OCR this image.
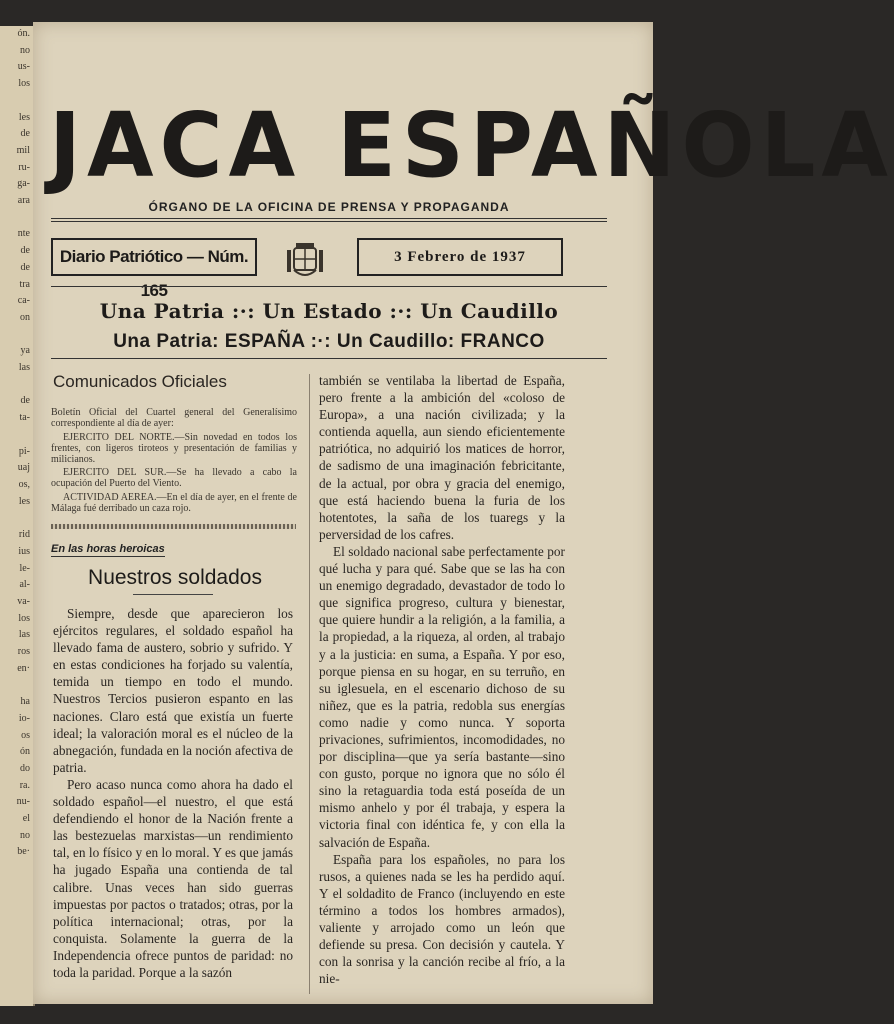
ón.
no
us-
los

les
de
mil
ru-
ga-
ara

nte
de
de
tra
ca-
on

ya
las

de
ta-

pi-
uaj
os,
les

rid
ius
le-
al-
va-
los
las
ros
en·

ha
io-
os
ón
do
ra.
nu-
el
no
be·
JACA ESPAÑOLA
ÓRGANO DE LA OFICINA DE PRENSA Y PROPAGANDA
Diario Patriótico — Núm. 165
3 Febrero de 1937
Una Patria :·: Un Estado :·: Un Caudillo
Una Patria: ESPAÑA :·: Un Caudillo: FRANCO
Comunicados Oficiales

Boletín Oficial del Cuartel general del Generalísimo correspondiente al día de ayer:

EJERCITO DEL NORTE.—Sin novedad en todos los frentes, con ligeros tiroteos y presentación de familias y milicianos.

EJERCITO DEL SUR.—Se ha llevado a cabo la ocupación del Puerto del Viento.

ACTIVIDAD AEREA.—En el día de ayer, en el frente de Málaga fué derribado un caza rojo.

En las horas heroicas
Nuestros soldados

Siempre, desde que aparecieron los ejércitos regulares, el soldado español ha llevado fama de austero, sobrio y sufrido. Y en estas condiciones ha forjado su valentía, temida un tiempo en todo el mundo. Nuestros Tercios pusieron espanto en las naciones. Claro está que existía un fuerte ideal; la valoración moral es el núcleo de la abnegación, fundada en la noción afectiva de patria.

Pero acaso nunca como ahora ha dado el soldado español—el nuestro, el que está defendiendo el honor de la Nación frente a las bestezuelas marxistas—un rendimiento tal, en lo físico y en lo moral. Y es que jamás ha jugado España una contienda de tal calibre. Unas veces han sido guerras impuestas por pactos o tratados; otras, por la política internacional; otras, por la conquista. Solamente la guerra de la Independencia ofrece puntos de paridad: no toda la paridad. Porque a la sazón

también se ventilaba la libertad de España, pero frente a la ambición del «coloso de Europa», a una nación civilizada; y la contienda aquella, aun siendo eficientemente patriótica, no adquirió los matices de horror, de sadismo de una imaginación febricitante, de la actual, por obra y gracia del enemigo, que está haciendo buena la furia de los hotentotes, la saña de los tuaregs y la perversidad de los cafres.

El soldado nacional sabe perfectamente por qué lucha y para qué. Sabe que se las ha con un enemigo degradado, devastador de todo lo que significa progreso, cultura y bienestar, que quiere hundir a la religión, a la familia, a la propiedad, a la riqueza, al orden, al trabajo y a la justicia: en suma, a España. Y por eso, porque piensa en su hogar, en su terruño, en su iglesuela, en el escenario dichoso de su niñez, que es la patria, redobla sus energías como nadie y como nunca. Y soporta privaciones, sufrimientos, incomodidades, no por disciplina—que ya sería bastante—sino con gusto, porque no ignora que no sólo él sino la retaguardia toda está poseída de un mismo anhelo y por él trabaja, y espera la victoria final con idéntica fe, y con ella la salvación de España.

España para los españoles, no para los rusos, a quienes nada se les ha perdido aquí. Y el soldadito de Franco (incluyendo en este término a todos los hombres armados), valiente y arrojado como un león que defiende su presa. Con decisión y cautela. Y con la sonrisa y la canción recibe al frío, a la nie-
